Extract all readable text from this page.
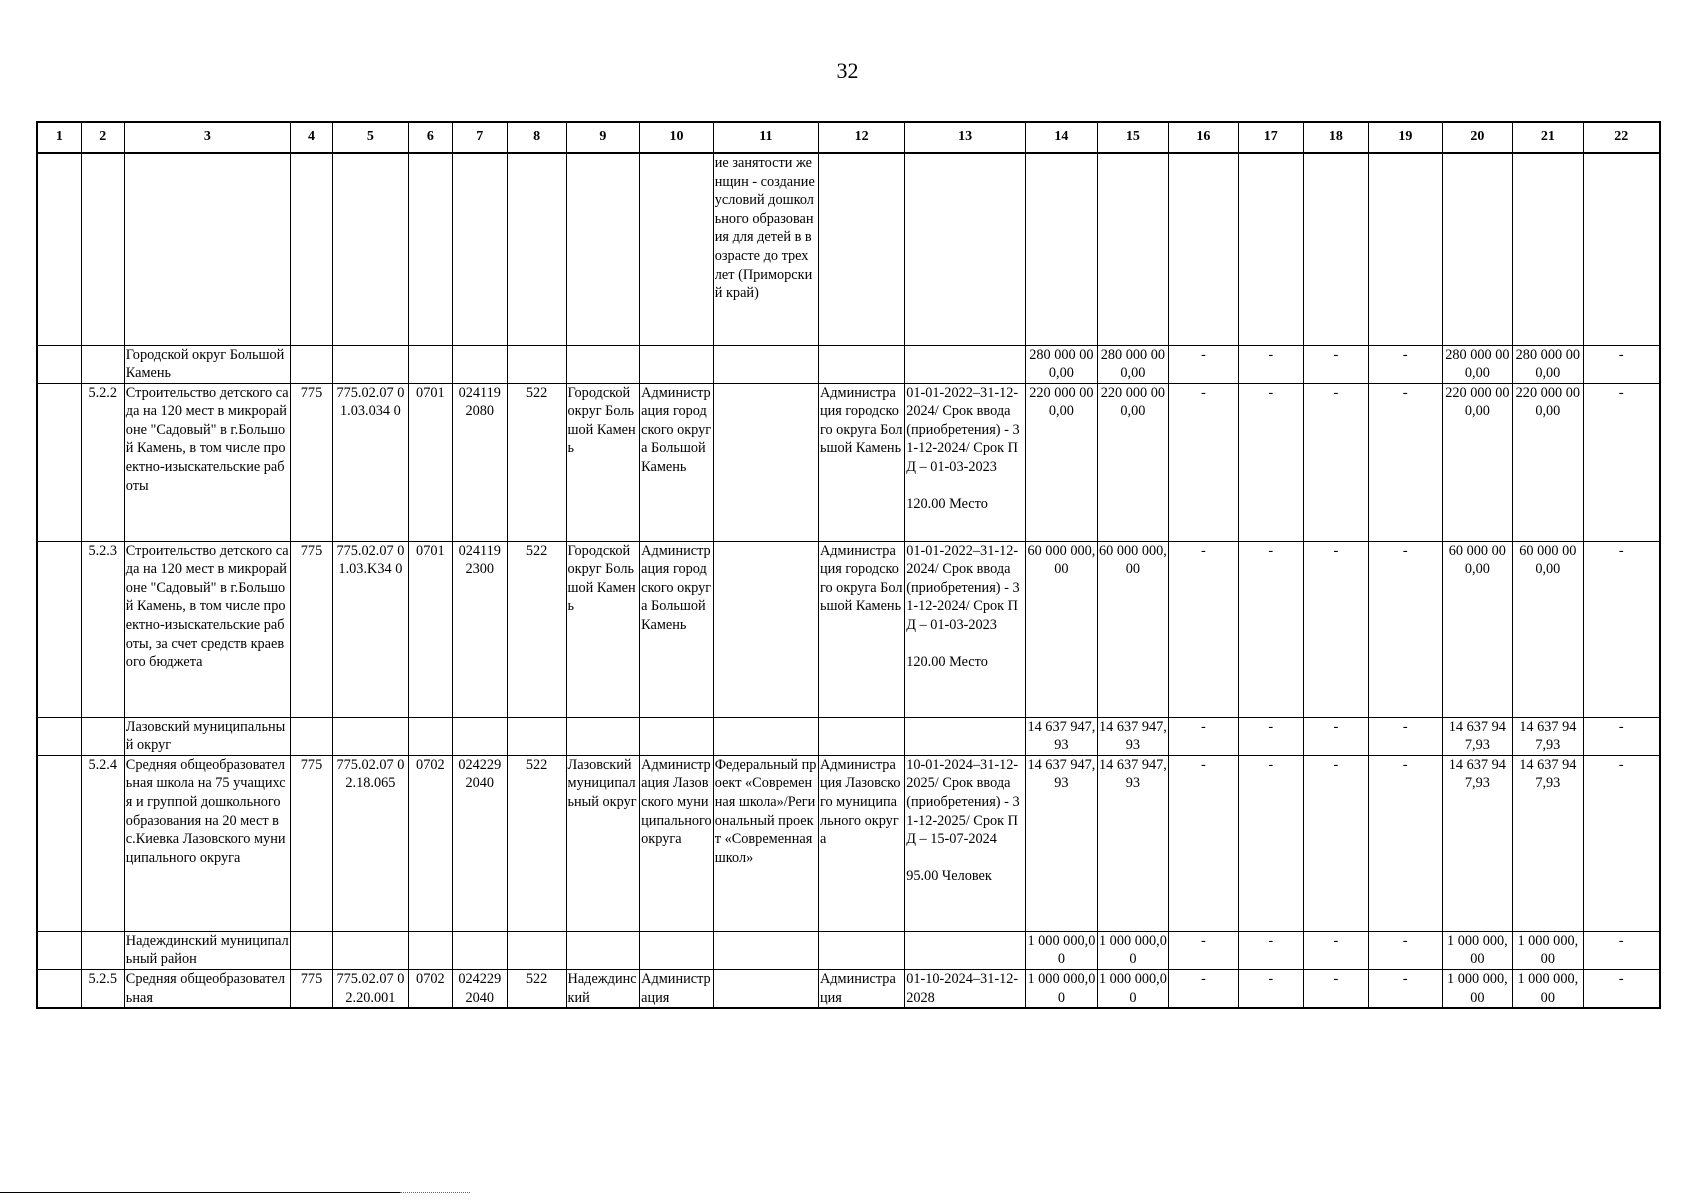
32
1	2	3	4	5	6	7	8	9	10	11	12	13	14	15	16	17	18	19	20	21	22
										ие занятости женщин - создание условий дошкольного образования для детей в возрасте до трех лет (Приморский край)											
		Городской округ Большой Камень											280 000 000,00	280 000 000,00	-	-	-	-	280 000 000,00	280 000 000,00	-
	5.2.2	Строительство детского сада на 120 мест в микрорайоне "Садовый" в г.Большой Камень, в том числе проектно-изыскательские работы	775	775.02.07 01.03.034 0	0701	024119 2080	522	Городской округ Большой Камень	Администрация городского округа Большой Камень		Администрация городского округа Большой Камень	01-01-2022–31-12-2024/ Срок ввода (приобретения) - 31-12-2024/ Срок ПД – 01-03-2023

120.00 Место	220 000 000,00	220 000 000,00	-	-	-	-	220 000 000,00	220 000 000,00	-
	5.2.3	Строительство детского сада на 120 мест в микрорайоне "Садовый" в г.Большой Камень, в том числе проектно-изыскательские работы, за счет средств краевого бюджета	775	775.02.07 01.03.K34 0	0701	024119 2300	522	Городской округ Большой Камень	Администрация городского округа Большой Камень		Администрация городского округа Большой Камень	01-01-2022–31-12-2024/ Срок ввода (приобретения) - 31-12-2024/ Срок ПД – 01-03-2023

120.00 Место	60 000 000,00	60 000 000,00	-	-	-	-	60 000 000,00	60 000 000,00	-
		Лазовский муниципальный округ											14 637 947,93	14 637 947,93	-	-	-	-	14 637 947,93	14 637 947,93	-
	5.2.4	Средняя общеобразовательная школа на 75 учащихся и группой дошкольного образования на 20 мест в с.Киевка Лазовского муниципального округа	775	775.02.07 02.18.065	0702	024229 2040	522	Лазовский муниципальный округ	Администрация Лазовского муниципального округа	Федеральный проект «Современная школа»/Региональный проект «Современная школ»	Администрация Лазовского муниципального округа	10-01-2024–31-12-2025/ Срок ввода (приобретения) - 31-12-2025/ Срок ПД – 15-07-2024

95.00 Человек	14 637 947,93	14 637 947,93	-	-	-	-	14 637 947,93	14 637 947,93	-
		Надеждинский муниципальный район											1 000 000,00	1 000 000,00	-	-	-	-	1 000 000,00	1 000 000,00	-
	5.2.5	Средняя общеобразовательная	775	775.02.07 02.20.001	0702	024229 2040	522	Надеждинский	Администрация		Администрация	01-10-2024–31-12-2028	1 000 000,00	1 000 000,00	-	-	-	-	1 000 000,00	1 000 000,00	-
